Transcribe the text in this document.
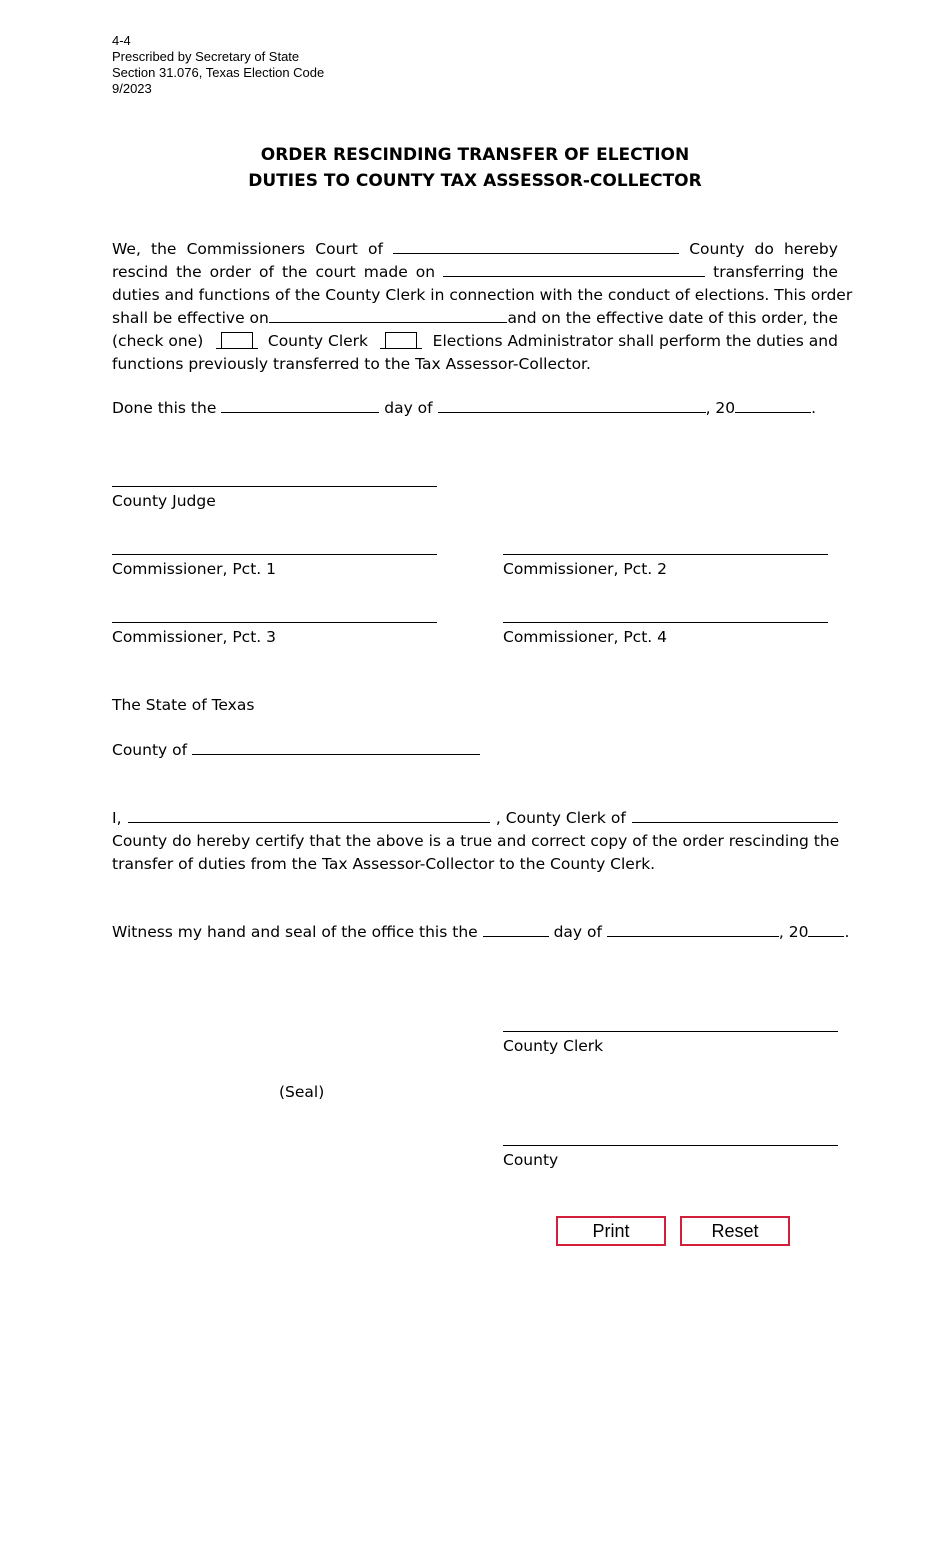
4-4
Prescribed by Secretary of State
Section 31.076, Texas Election Code
9/2023
ORDER RESCINDING TRANSFER OF ELECTION
DUTIES TO COUNTY TAX ASSESSOR-COLLECTOR
We, the Commissioners Court of	County do hereby
rescind the order of the court made on	transferring the
duties and functions of the County Clerk in connection with the conduct of elections. This order
shall be effective on	and on the effective date of this order, the
(check one)	County Clerk	Elections Administrator shall perform the duties and
functions previously transferred to the Tax Assessor-Collector.
Done this the	day of	, 20	.
County Judge
Commissioner, Pct. 1	Commissioner, Pct. 2
Commissioner, Pct. 3	Commissioner, Pct. 4
The State of Texas
County of
I,	, County Clerk of
County do hereby certify that the above is a true and correct copy of the order rescinding the
transfer of duties from the Tax Assessor-Collector to the County Clerk.
Witness my hand and seal of the office this the	day of	, 20 .
County Clerk
(Seal)
County
Print	Reset
